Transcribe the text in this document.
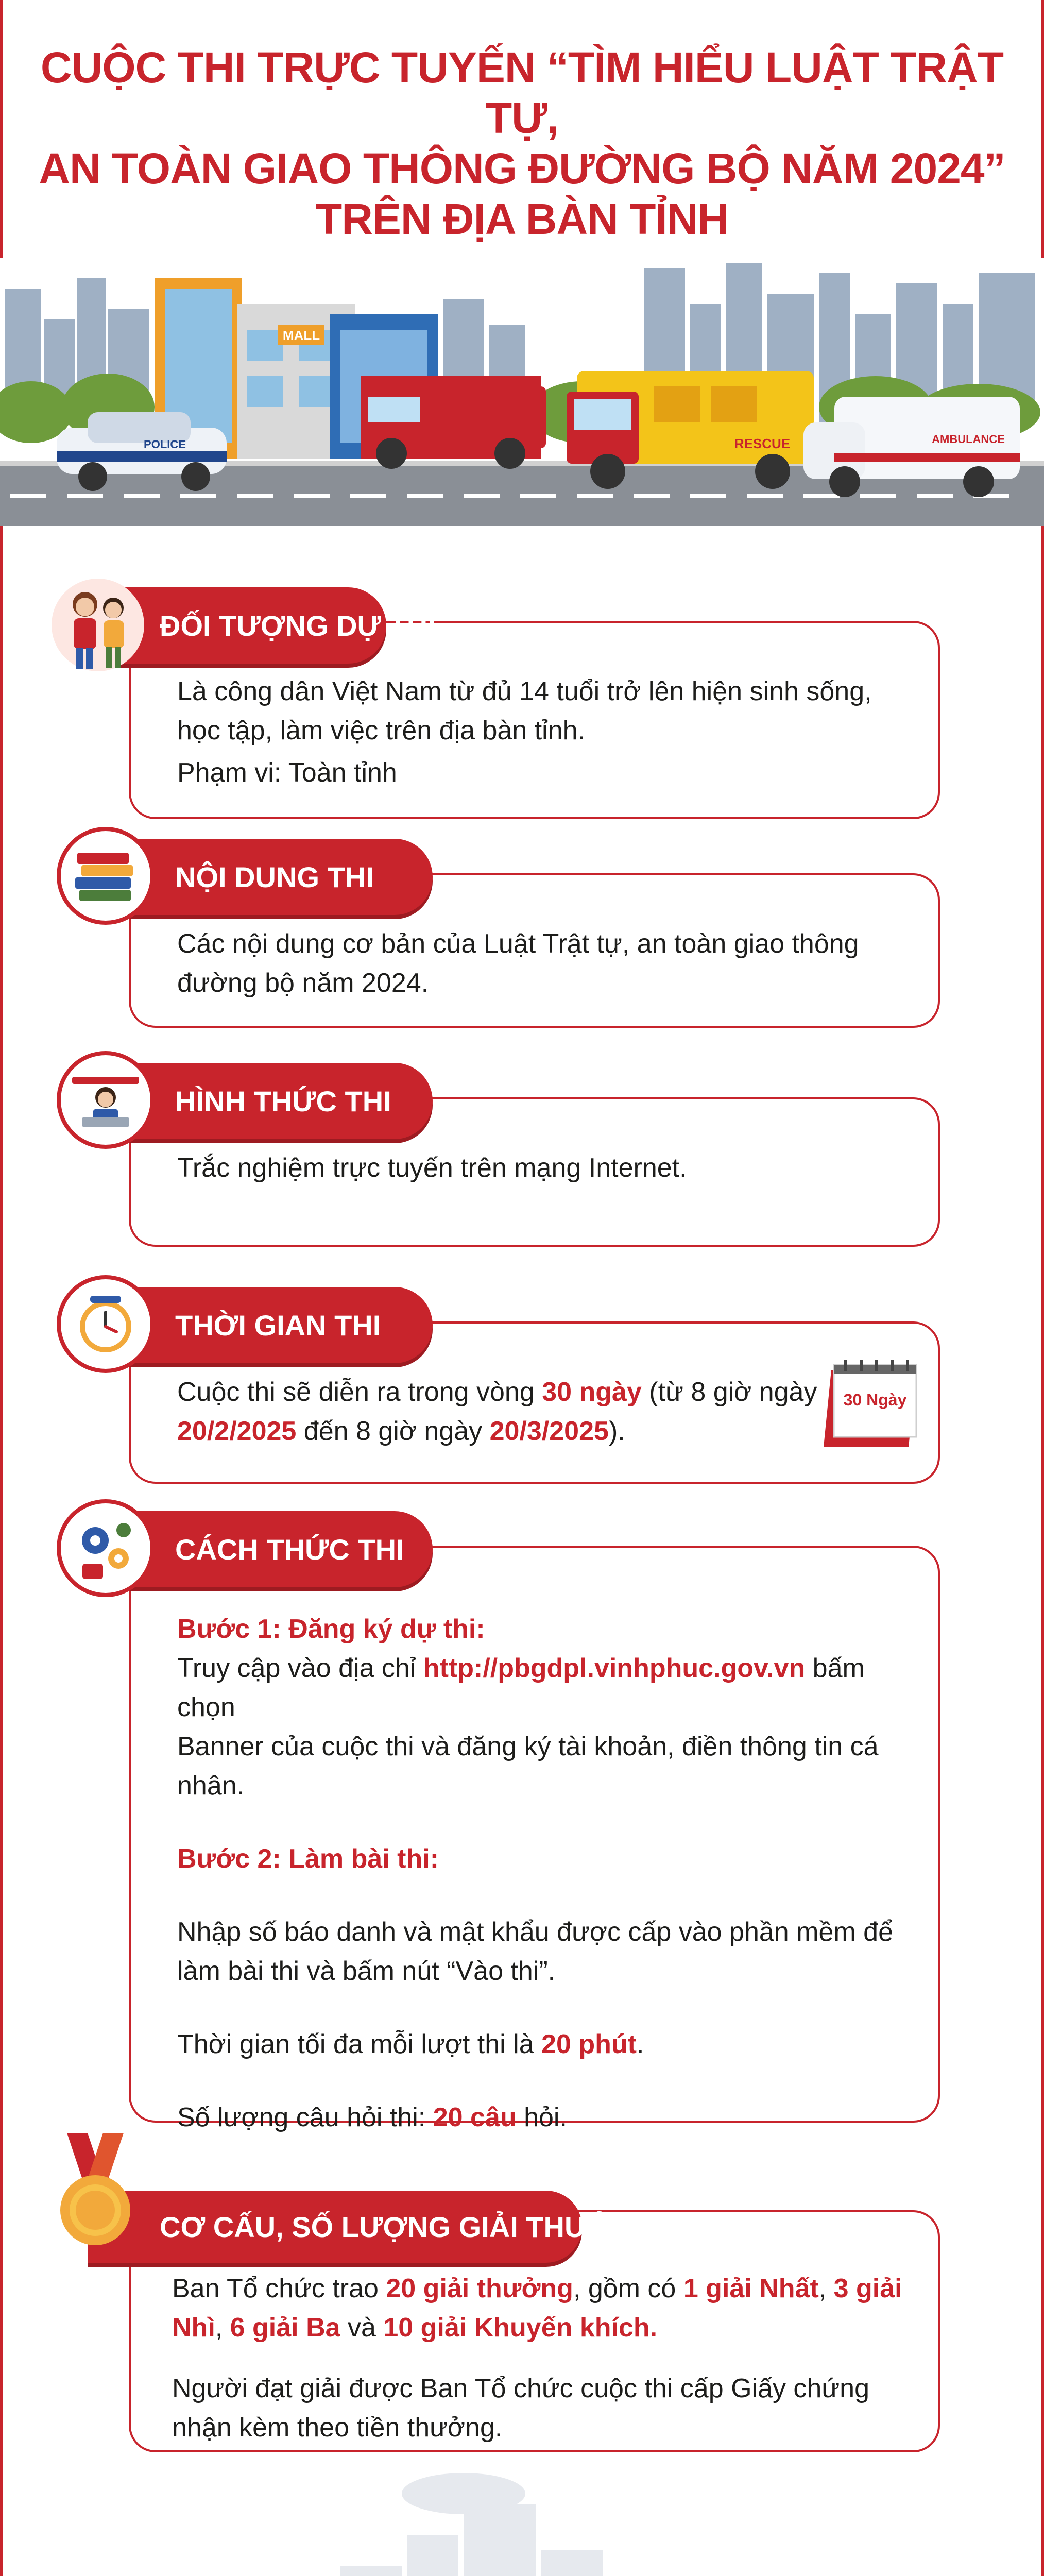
CUỘC THI TRỰC TUYẾN “TÌM HIỂU LUẬT TRẬT TỰ,
AN TOÀN GIAO THÔNG ĐƯỜNG BỘ NĂM 2024”
TRÊN ĐỊA BÀN TỈNH
MALL
POLICE	RESCUE	AMBULANCE

Là công dân Việt Nam từ đủ 14 tuổi trở lên hiện sinh sống,

học tập, làm việc trên địa bàn tỉnh.

Phạm vi: Toàn tỉnh

ĐỐI TƯỢNG DỰ THI

Các nội dung cơ bản của Luật Trật tự, an toàn giao thông

đường bộ năm 2024.

NỘI DUNG THI

Trắc nghiệm trực tuyến trên mạng Internet.

HÌNH THỨC THI

Cuộc thi sẽ diễn ra trong vòng 30 ngày (từ 8 giờ ngày

20/2/2025 đến 8 giờ ngày 20/3/2025).

30 Ngày
THỜI GIAN THI

Bước 1: Đăng ký dự thi:

Truy cập vào địa chỉ http://pbgdpl.vinhphuc.gov.vn bấm chọn

Banner của cuộc thi và đăng ký tài khoản, điền thông tin cá

nhân.

Bước 2: Làm bài thi:

Nhập số báo danh và mật khẩu được cấp vào phần mềm để

làm bài thi và bấm nút “Vào thi”.

Thời gian tối đa mỗi lượt thi là 20 phút.

Số lượng câu hỏi thi: 20 câu hỏi.

CÁCH THỨC THI

Ban Tổ chức trao 20 giải thưởng, gồm có 1 giải Nhất, 3 giải

Nhì, 6 giải Ba và 10 giải Khuyến khích.

Người đạt giải được Ban Tổ chức cuộc thi cấp Giấy chứng

nhận kèm theo tiền thưởng.

CƠ CẤU, SỐ LƯỢNG GIẢI THƯỞNG
